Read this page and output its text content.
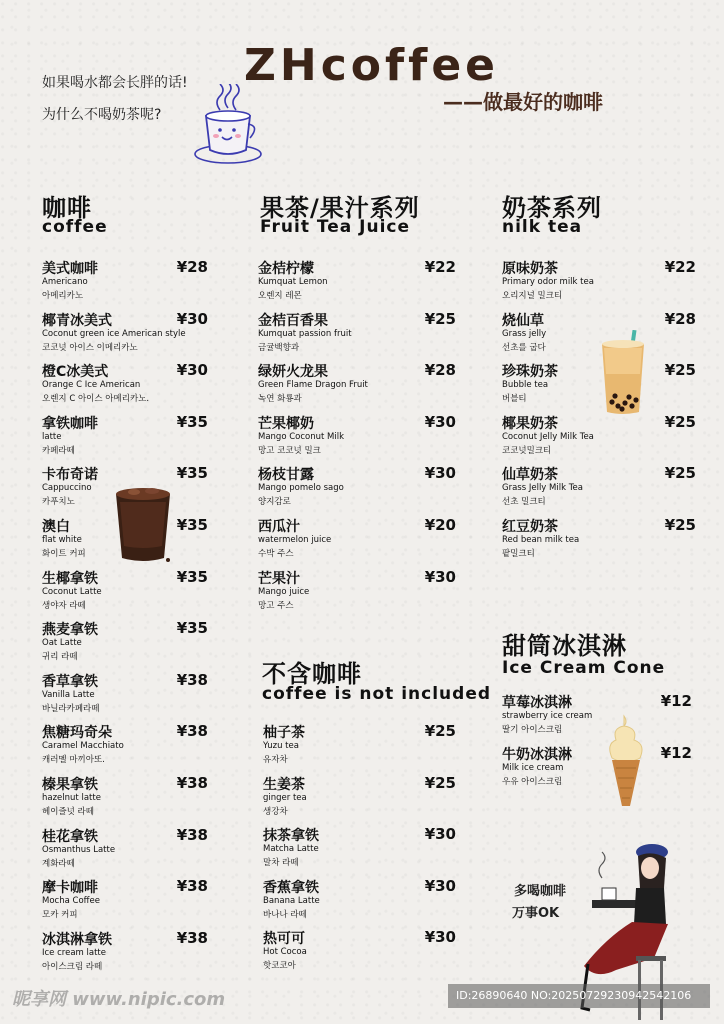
ZHcoffee
——做最好的咖啡
如果喝水都会长胖的话!
为什么不喝奶茶呢?
咖啡
coffee
美式咖啡
Americano
아메리카노
¥28
椰青冰美式
Coconut green ice American style
코코넛 아이스 이메리카노
¥30
橙C冰美式
Orange C Ice American
오렌지 C 아이스 아메리카노.
¥30
拿铁咖啡
latte
카페라떼
¥35
卡布奇诺
Cappuccino
카푸치노
¥35
澳白
flat white
화이트 커피
¥35
生椰拿铁
Coconut Latte
생야자 라떼
¥35
燕麦拿铁
Oat Latte
귀리 라떼
¥35
香草拿铁
Vanilla Latte
바닐라카페라떼
¥38
焦糖玛奇朵
Caramel Macchiato
캐러멜 마끼아또.
¥38
榛果拿铁
hazelnut latte
헤이즐넛 라떼
¥38
桂花拿铁
Osmanthus Latte
계화라떼
¥38
摩卡咖啡
Mocha Coffee
모카 커피
¥38
冰淇淋拿铁
Ice cream latte
아이스크림 라떼
¥38
果茶/果汁系列
Fruit Tea Juice
金桔柠檬
Kumquat Lemon
오렌지 레몬
¥22
金桔百香果
Kumquat passion fruit
금귤백향과
¥25
绿妍火龙果
Green Flame Dragon Fruit
녹연 화룡과
¥28
芒果椰奶
Mango Coconut Milk
망고 코코넛 밀크
¥30
杨枝甘露
Mango pomelo sago
양지감로
¥30
西瓜汁
watermelon juice
수박 주스
¥20
芒果汁
Mango juice
망고 주스
¥30
不含咖啡
coffee is not included
柚子茶
Yuzu tea
유자차
¥25
生姜茶
ginger tea
생강차
¥25
抹茶拿铁
Matcha Latte
말차 라떼
¥30
香蕉拿铁
Banana Latte
바나나 라떼
¥30
热可可
Hot Cocoa
핫코코아
¥30
奶茶系列
nilk tea
原味奶茶
Primary odor milk tea
오리지널 밀크티
¥22
烧仙草
Grass jelly
선초를 굽다
¥28
珍珠奶茶
Bubble tea
버블티
¥25
椰果奶茶
Coconut Jelly Milk Tea
코코넛밀크티
¥25
仙草奶茶
Grass Jelly Milk Tea
선초 밀크티
¥25
红豆奶茶
Red bean milk tea
팥밀크티
¥25
甜筒冰淇淋
Ice Cream Cone
草莓冰淇淋
strawberry ice cream
딸기 아이스크림
¥12
牛奶冰淇淋
Milk ice cream
우유 아이스크림
¥12
多喝咖啡
万事OK
昵享网 www.nipic.com	ID:26890640 NO:20250729230942542106
